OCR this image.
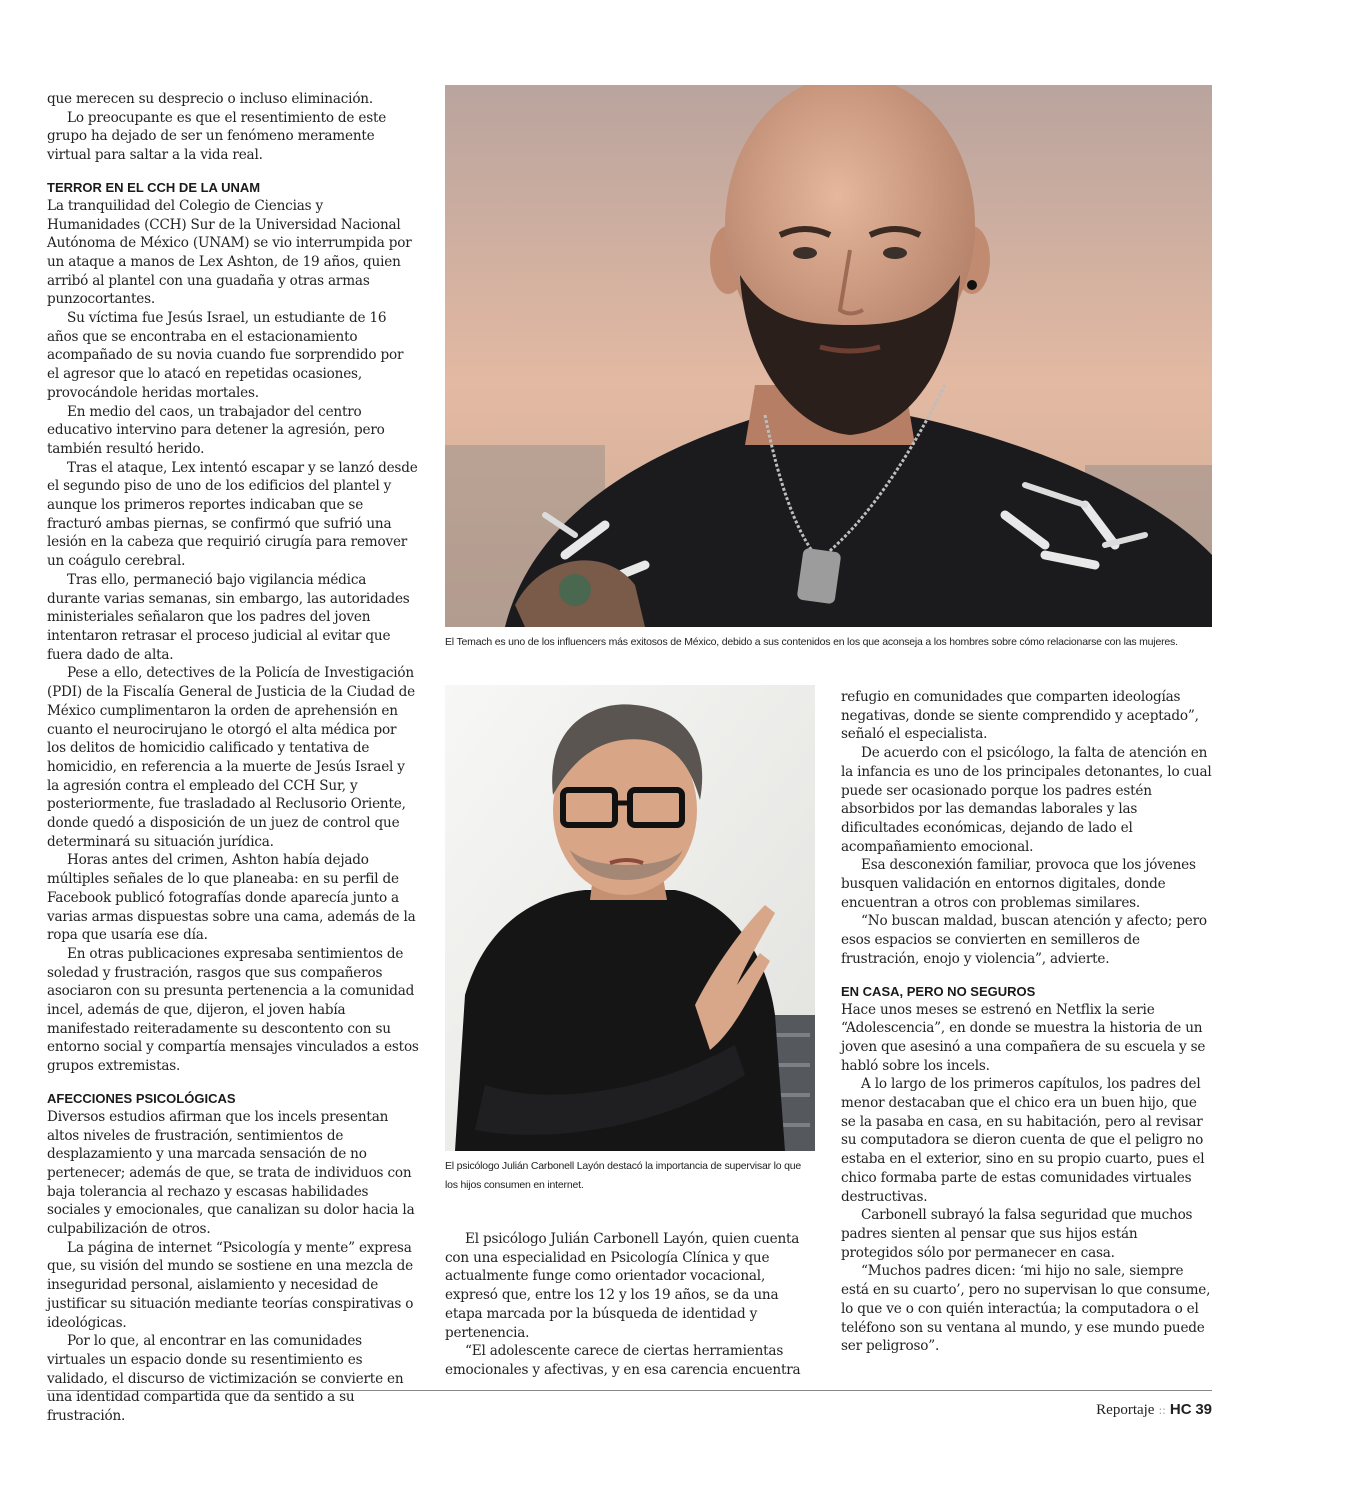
que merecen su desprecio o incluso eliminación.

Lo preocupante es que el resentimiento de este grupo ha dejado de ser un fenómeno meramente virtual para saltar a la vida real.

TERROR EN EL CCH DE LA UNAM

La tranquilidad del Colegio de Ciencias y Humanidades (CCH) Sur de la Universidad Nacional Autónoma de México (UNAM) se vio interrumpida por un ataque a manos de Lex Ashton, de 19 años, quien arribó al plantel con una guadaña y otras armas punzocortantes.

Su víctima fue Jesús Israel, un estudiante de 16 años que se encontraba en el estacionamiento acompañado de su novia cuando fue sorprendido por el agresor que lo atacó en repetidas ocasiones, provocándole heridas mortales.

En medio del caos, un trabajador del centro educativo intervino para detener la agresión, pero también resultó herido.

Tras el ataque, Lex intentó escapar y se lanzó desde el segundo piso de uno de los edificios del plantel y aunque los primeros reportes indicaban que se fracturó ambas piernas, se confirmó que sufrió una lesión en la cabeza que requirió cirugía para remover un coágulo cerebral.

Tras ello, permaneció bajo vigilancia médica durante varias semanas, sin embargo, las autoridades ministeriales señalaron que los padres del joven intentaron retrasar el proceso judicial al evitar que fuera dado de alta.

Pese a ello, detectives de la Policía de Investigación (PDI) de la Fiscalía General de Justicia de la Ciudad de México cumplimentaron la orden de aprehensión en cuanto el neurocirujano le otorgó el alta médica por los delitos de homicidio calificado y tentativa de homicidio, en referencia a la muerte de Jesús Israel y la agresión contra el empleado del CCH Sur, y posteriormente, fue trasladado al Reclusorio Oriente, donde quedó a disposición de un juez de control que determinará su situación jurídica.

Horas antes del crimen, Ashton había dejado múltiples señales de lo que planeaba: en su perfil de Facebook publicó fotografías donde aparecía junto a varias armas dispuestas sobre una cama, además de la ropa que usaría ese día.

En otras publicaciones expresaba sentimientos de soledad y frustración, rasgos que sus compañeros asociaron con su presunta pertenencia a la comunidad incel, además de que, dijeron, el joven había manifestado reiteradamente su descontento con su entorno social y compartía mensajes vinculados a estos grupos extremistas.

AFECCIONES PSICOLÓGICAS

Diversos estudios afirman que los incels presentan altos niveles de frustración, sentimientos de desplazamiento y una marcada sensación de no pertenecer; además de que, se trata de individuos con baja tolerancia al rechazo y escasas habilidades sociales y emocionales, que canalizan su dolor hacia la culpabilización de otros.

La página de internet “Psicología y mente” expresa que, su visión del mundo se sostiene en una mezcla de inseguridad personal, aislamiento y necesidad de justificar su situación mediante teorías conspirativas o ideológicas.

Por lo que, al encontrar en las comunidades virtuales un espacio donde su resentimiento es validado, el discurso de victimización se convierte en una identidad compartida que da sentido a su frustración.

El Temach es uno de los influencers más exitosos de México, debido a sus contenidos en los que aconseja a los hombres sobre cómo relacionarse con las mujeres.
El psicólogo Julián Carbonell Layón destacó la importancia de supervisar lo que los hijos consumen en internet.

El psicólogo Julián Carbonell Layón, quien cuenta con una especialidad en Psicología Clínica y que actualmente funge como orientador vocacional, expresó que, entre los 12 y los 19 años, se da una etapa marcada por la búsqueda de identidad y pertenencia.

“El adolescente carece de ciertas herramientas emocionales y afectivas, y en esa carencia encuentra

refugio en comunidades que comparten ideologías negativas, donde se siente comprendido y aceptado”, señaló el especialista.

De acuerdo con el psicólogo, la falta de atención en la infancia es uno de los principales detonantes, lo cual puede ser ocasionado porque los padres estén absorbidos por las demandas laborales y las dificultades económicas, dejando de lado el acompañamiento emocional.

Esa desconexión familiar, provoca que los jóvenes busquen validación en entornos digitales, donde encuentran a otros con problemas similares.

“No buscan maldad, buscan atención y afecto; pero esos espacios se convierten en semilleros de frustración, enojo y violencia”, advierte.

EN CASA, PERO NO SEGUROS

Hace unos meses se estrenó en Netflix la serie “Adolescencia”, en donde se muestra la historia de un joven que asesinó a una compañera de su escuela y se habló sobre los incels.

A lo largo de los primeros capítulos, los padres del menor destacaban que el chico era un buen hijo, que se la pasaba en casa, en su habitación, pero al revisar su computadora se dieron cuenta de que el peligro no estaba en el exterior, sino en su propio cuarto, pues el chico formaba parte de estas comunidades virtuales destructivas.

Carbonell subrayó la falsa seguridad que muchos padres sienten al pensar que sus hijos están protegidos sólo por permanecer en casa.

“Muchos padres dicen: ‘mi hijo no sale, siempre está en su cuarto’, pero no supervisan lo que consume, lo que ve o con quién interactúa; la computadora o el teléfono son su ventana al mundo, y ese mundo puede ser peligroso”.

Reportaje :: HC 39
